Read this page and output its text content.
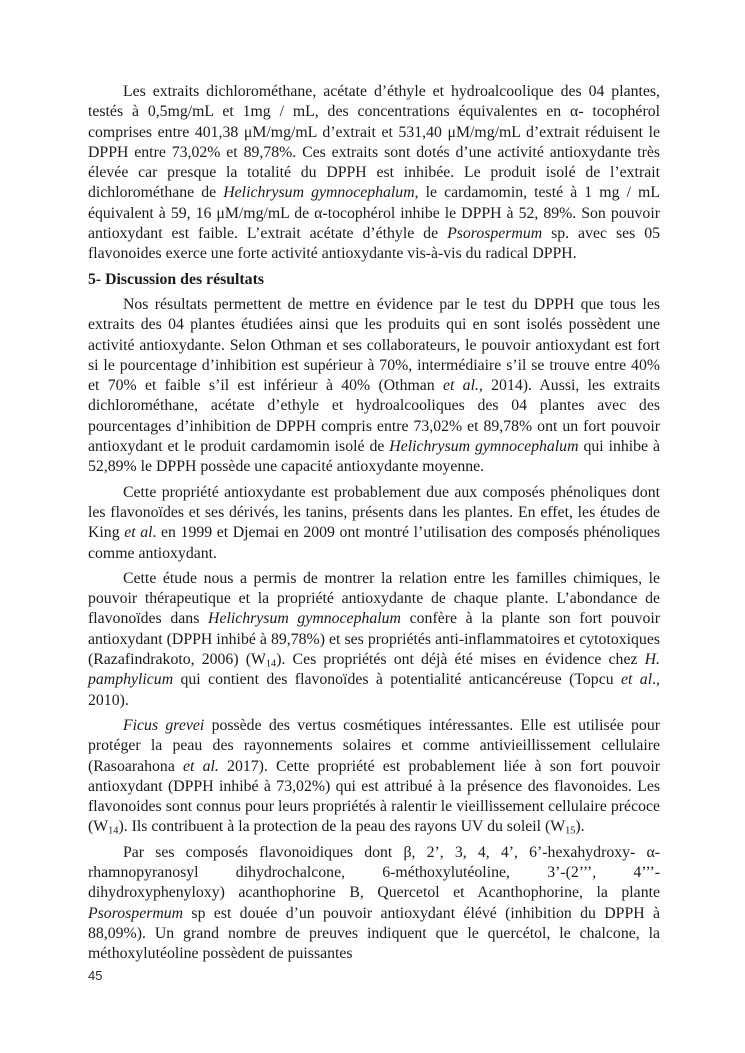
Les extraits dichlorométhane, acétate d’éthyle et hydroalcoolique des 04 plantes, testés à 0,5mg/mL et 1mg / mL, des concentrations équivalentes en α- tocophérol comprises entre 401,38 μM/mg/mL d’extrait et 531,40 μM/mg/mL d’extrait réduisent le DPPH entre 73,02% et 89,78%. Ces extraits sont dotés d’une activité antioxydante très élevée car presque la totalité du DPPH est inhibée. Le produit isolé de l’extrait dichlorométhane de Helichrysum gymnocephalum, le cardamomin, testé à 1 mg / mL équivalent à 59, 16 μM/mg/mL de α-tocophérol inhibe le DPPH à 52, 89%. Son pouvoir antioxydant est faible. L’extrait acétate d’éthyle de Psorospermum sp. avec ses 05 flavonoides exerce une forte activité antioxydante vis-à-vis du radical DPPH.

5- Discussion des résultats

Nos résultats permettent de mettre en évidence par le test du DPPH que tous les extraits des 04 plantes étudiées ainsi que les produits qui en sont isolés possèdent une activité antioxydante. Selon Othman et ses collaborateurs, le pouvoir antioxydant est fort si le pourcentage d’inhibition est supérieur à 70%, intermédiaire s’il se trouve entre 40% et 70% et faible s’il est inférieur à 40% (Othman et al., 2014). Aussi, les extraits dichlorométhane, acétate d’ethyle et hydroalcooliques des 04 plantes avec des pourcentages d’inhibition de DPPH compris entre 73,02% et 89,78% ont un fort pouvoir antioxydant et le produit cardamomin isolé de Helichrysum gymnocephalum qui inhibe à 52,89% le DPPH possède une capacité antioxydante moyenne.

Cette propriété antioxydante est probablement due aux composés phénoliques dont les flavonoïdes et ses dérivés, les tanins, présents dans les plantes. En effet, les études de King et al. en 1999 et Djemai en 2009 ont montré l’utilisation des composés phénoliques comme antioxydant.

Cette étude nous a permis de montrer la relation entre les familles chimiques, le pouvoir thérapeutique et la propriété antioxydante de chaque plante. L’abondance de flavonoïdes dans Helichrysum gymnocephalum confère à la plante son fort pouvoir antioxydant (DPPH inhibé à 89,78%) et ses propriétés anti-inflammatoires et cytotoxiques (Razafindrakoto, 2006) $(W_{14})$. Ces propriétés ont déjà été mises en évidence chez H. pamphylicum qui contient des flavonoïdes à potentialité anticancéreuse (Topcu et al., 2010).

Ficus grevei possède des vertus cosmétiques intéressantes. Elle est utilisée pour protéger la peau des rayonnements solaires et comme antivieillissement cellulaire (Rasoarahona et al. 2017). Cette propriété est probablement liée à son fort pouvoir antioxydant (DPPH inhibé à 73,02%) qui est attribué à la présence des flavonoides. Les flavonoides sont connus pour leurs propriétés à ralentir le vieillissement cellulaire précoce $(W_{14})$. Ils contribuent à la protection de la peau des rayons UV du soleil $(W_{15})$.

Par ses composés flavonoidiques dont β, 2’, 3, 4, 4’, 6’-hexahydroxy- α-rhamnopyranosyl dihydrochalcone, 6-méthoxylutéoline, 3’-(2’’’, 4’’’-dihydroxyphenyloxy) acanthophorine B, Quercetol et Acanthophorine, la plante Psorospermum sp est douée d’un pouvoir antioxydant élévé (inhibition du DPPH à 88,09%). Un grand nombre de preuves indiquent que le quercétol, le chalcone, la méthoxylutéoline possèdent de puissantes

45
